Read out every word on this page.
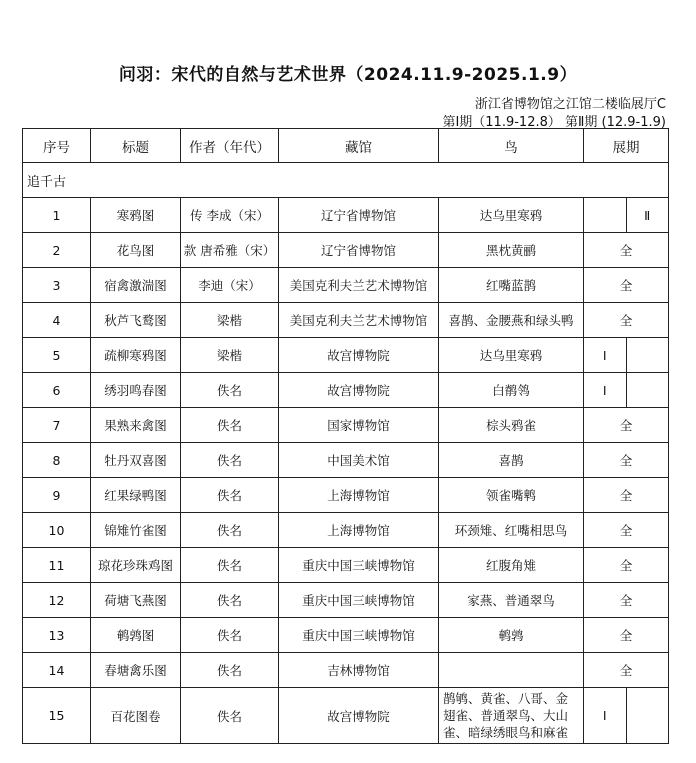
问羽：宋代的自然与艺术世界（2024.11.9-2025.1.9）
浙江省博物馆之江馆二楼临展厅C
第Ⅰ期（11.9-12.8） 第Ⅱ期 (12.9-1.9)
序号	标题	作者（年代）	藏馆	鸟	展期
追千古					
1	寒鸦图	传 李成（宋）	辽宁省博物馆	达乌里寒鸦	Ⅱ

2	花鸟图	款 唐希雅（宋）	辽宁省博物馆	黑枕黄鹂	全
3	宿禽激湍图	李迪（宋）	美国克利夫兰艺术博物馆	红嘴蓝鹊	全
4	秋芦飞鹜图	梁楷	美国克利夫兰艺术博物馆	喜鹊、金腰燕和绿头鸭	全
5	疏柳寒鸦图	梁楷	故宫博物院	达乌里寒鸦	Ⅰ

6	绣羽鸣春图	佚名	故宫博物院	白鹡鸰	Ⅰ

7	果熟来禽图	佚名	国家博物馆	棕头鸦雀	全
8	牡丹双喜图	佚名	中国美术馆	喜鹊	全
9	红果绿鸭图	佚名	上海博物馆	领雀嘴鹎	全
10	锦雉竹雀图	佚名	上海博物馆	环颈雉、红嘴相思鸟	全
11	琼花珍珠鸡图	佚名	重庆中国三峡博物馆	红腹角雉	全
12	荷塘飞燕图	佚名	重庆中国三峡博物馆	家燕、普通翠鸟	全
13	鹌鹑图	佚名	重庆中国三峡博物馆	鹌鹑	全
14	春塘禽乐图	佚名	吉林博物馆		全
15	百花图卷	佚名	故宫博物院	鹊鸲、黄雀、八哥、金翅雀、普通翠鸟、大山雀、暗绿绣眼鸟和麻雀	Ⅰ
